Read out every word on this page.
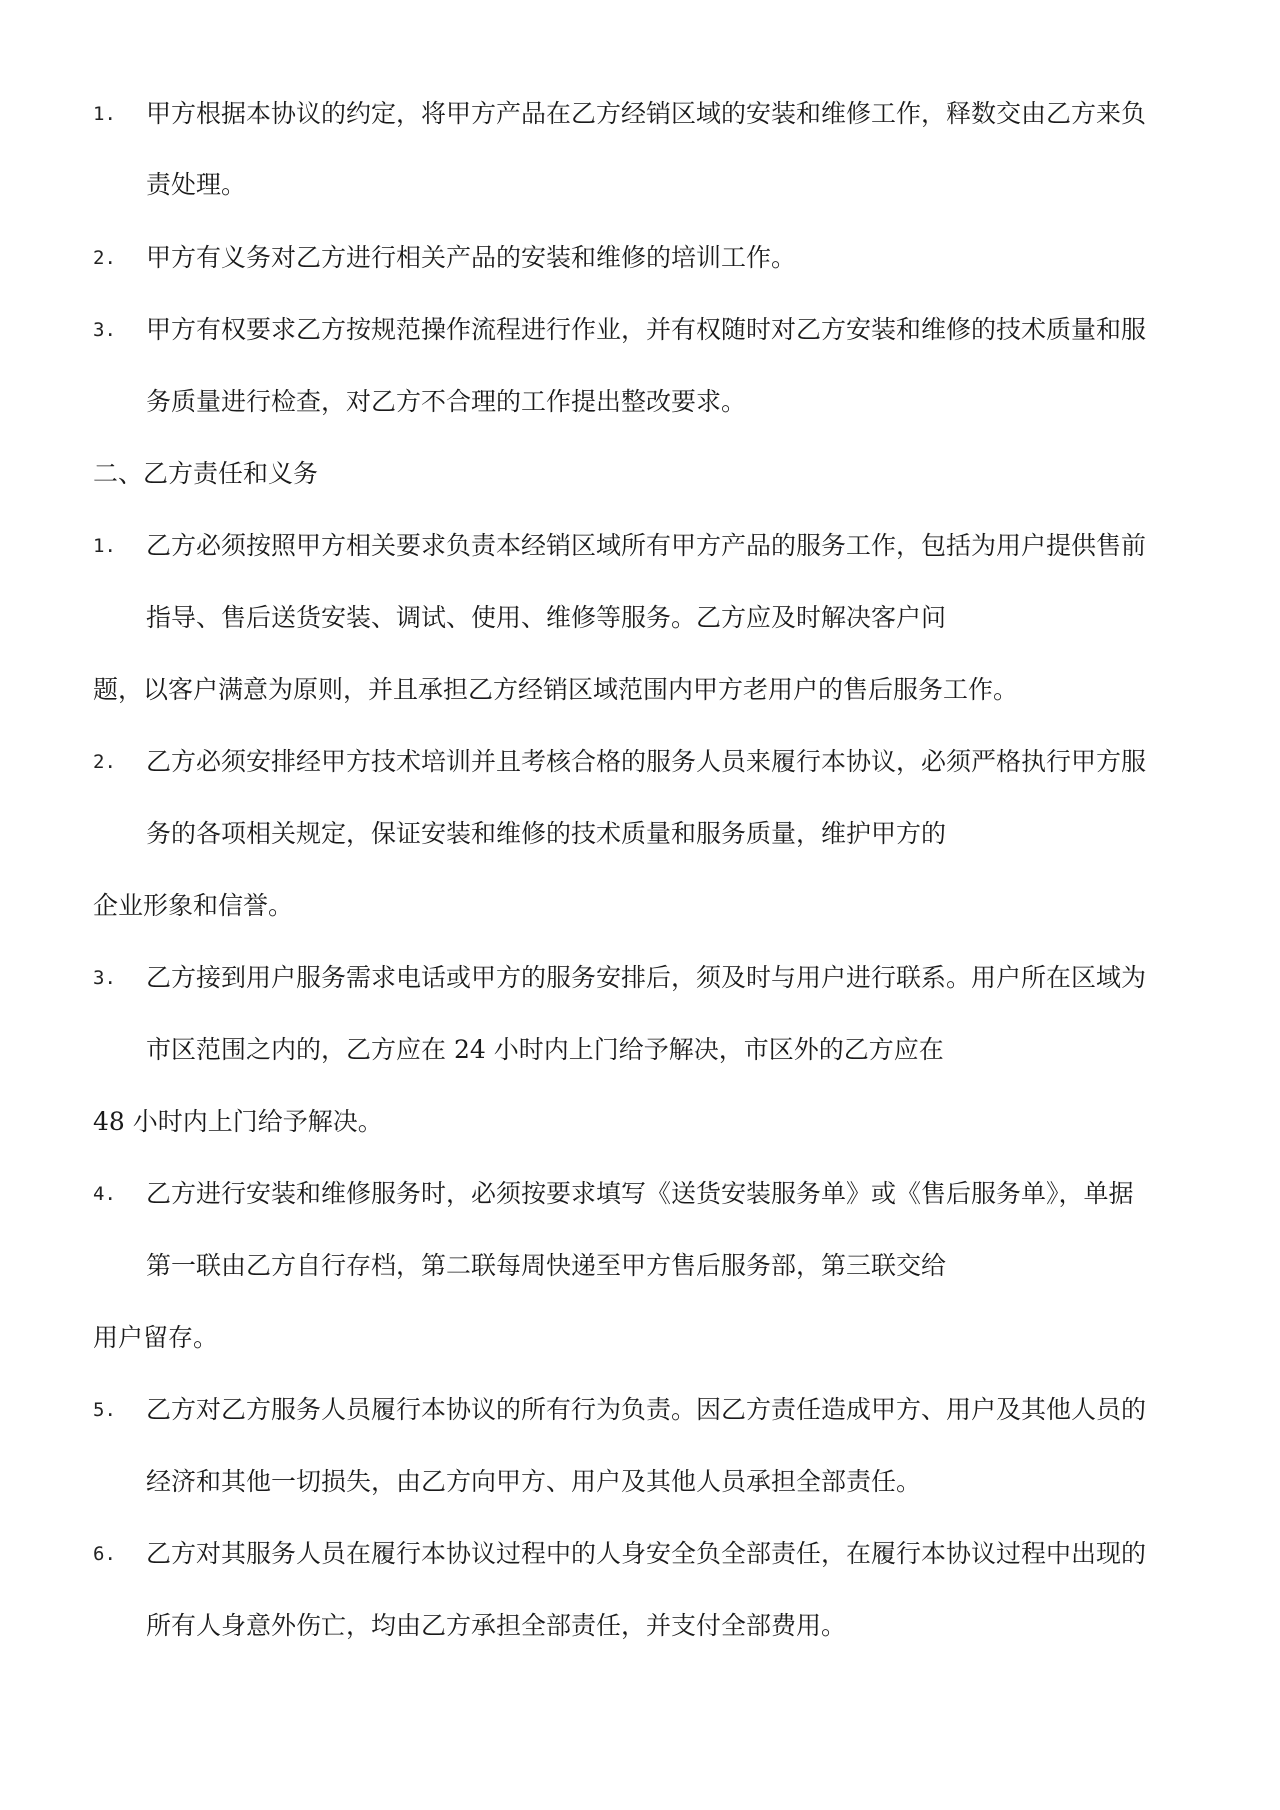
1. 甲方根据本协议的约定，将甲方产品在乙方经销区域的安装和维修工作，释数交由乙方来负
责处理。
2. 甲方有义务对乙方进行相关产品的安装和维修的培训工作。
3. 甲方有权要求乙方按规范操作流程进行作业，并有权随时对乙方安装和维修的技术质量和服
务质量进行检查，对乙方不合理的工作提出整改要求。
二、乙方责任和义务
1. 乙方必须按照甲方相关要求负责本经销区域所有甲方产品的服务工作，包括为用户提供售前
指导、售后送货安装、调试、使用、维修等服务。乙方应及时解决客户问
题，以客户满意为原则，并且承担乙方经销区域范围内甲方老用户的售后服务工作。
2. 乙方必须安排经甲方技术培训并且考核合格的服务人员来履行本协议，必须严格执行甲方服
务的各项相关规定，保证安装和维修的技术质量和服务质量，维护甲方的
企业形象和信誉。
3. 乙方接到用户服务需求电话或甲方的服务安排后，须及时与用户进行联系。用户所在区域为
市区范围之内的，乙方应在 24 小时内上门给予解决，市区外的乙方应在
48 小时内上门给予解决。
4. 乙方进行安装和维修服务时，必须按要求填写《送货安装服务单》或《售后服务单》，单据
第一联由乙方自行存档，第二联每周快递至甲方售后服务部，第三联交给
用户留存。
5. 乙方对乙方服务人员履行本协议的所有行为负责。因乙方责任造成甲方、用户及其他人员的
经济和其他一切损失，由乙方向甲方、用户及其他人员承担全部责任。
6. 乙方对其服务人员在履行本协议过程中的人身安全负全部责任，在履行本协议过程中出现的
所有人身意外伤亡，均由乙方承担全部责任，并支付全部费用。
